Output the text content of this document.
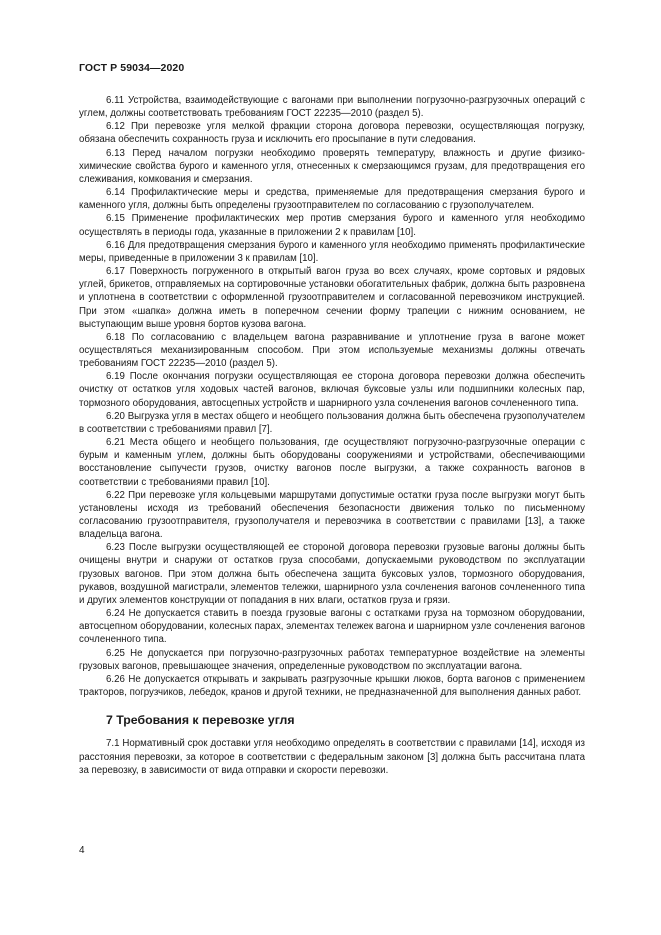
ГОСТ Р 59034—2020

6.11 Устройства, взаимодействующие с вагонами при выполнении погрузочно-разгрузочных операций с углем, должны соответствовать требованиям ГОСТ 22235—2010 (раздел 5).

6.12 При перевозке угля мелкой фракции сторона договора перевозки, осуществляющая погрузку, обязана обеспечить сохранность груза и исключить его просыпание в пути следования.

6.13 Перед началом погрузки необходимо проверять температуру, влажность и другие физико-химические свойства бурого и каменного угля, отнесенных к смерзающимся грузам, для предотвращения его слеживания, комкования и смерзания.

6.14 Профилактические меры и средства, применяемые для предотвращения смерзания бурого и каменного угля, должны быть определены грузоотправителем по согласованию с грузополучателем.

6.15 Применение профилактических мер против смерзания бурого и каменного угля необходимо осуществлять в периоды года, указанные в приложении 2 к правилам [10].

6.16 Для предотвращения смерзания бурого и каменного угля необходимо применять профилактические меры, приведенные в приложении 3 к правилам [10].

6.17 Поверхность погруженного в открытый вагон груза во всех случаях, кроме сортовых и рядовых углей, брикетов, отправляемых на сортировочные установки обогатительных фабрик, должна быть разровнена и уплотнена в соответствии с оформленной грузоотправителем и согласованной перевозчиком инструкцией. При этом «шапка» должна иметь в поперечном сечении форму трапеции с нижним основанием, не выступающим выше уровня бортов кузова вагона.

6.18 По согласованию с владельцем вагона разравнивание и уплотнение груза в вагоне может осуществляться механизированным способом. При этом используемые механизмы должны отвечать требованиям ГОСТ 22235—2010 (раздел 5).

6.19 После окончания погрузки осуществляющая ее сторона договора перевозки должна обеспечить очистку от остатков угля ходовых частей вагонов, включая буксовые узлы или подшипники колесных пар, тормозного оборудования, автосцепных устройств и шарнирного узла сочленения вагонов сочлененного типа.

6.20 Выгрузка угля в местах общего и необщего пользования должна быть обеспечена грузополучателем в соответствии с требованиями правил [7].

6.21 Места общего и необщего пользования, где осуществляют погрузочно-разгрузочные операции с бурым и каменным углем, должны быть оборудованы сооружениями и устройствами, обеспечивающими восстановление сыпучести грузов, очистку вагонов после выгрузки, а также сохранность вагонов в соответствии с требованиями правил [10].

6.22 При перевозке угля кольцевыми маршрутами допустимые остатки груза после выгрузки могут быть установлены исходя из требований обеспечения безопасности движения только по письменному согласованию грузоотправителя, грузополучателя и перевозчика в соответствии с правилами [13], а также владельца вагона.

6.23 После выгрузки осуществляющей ее стороной договора перевозки грузовые вагоны должны быть очищены внутри и снаружи от остатков груза способами, допускаемыми руководством по эксплуатации грузовых вагонов. При этом должна быть обеспечена защита буксовых узлов, тормозного оборудования, рукавов, воздушной магистрали, элементов тележки, шарнирного узла сочленения вагонов сочлененного типа и других элементов конструкции от попадания в них влаги, остатков груза и грязи.

6.24 Не допускается ставить в поезда грузовые вагоны с остатками груза на тормозном оборудовании, автосцепном оборудовании, колесных парах, элементах тележек вагона и шарнирном узле сочленения вагонов сочлененного типа.

6.25 Не допускается при погрузочно-разгрузочных работах температурное воздействие на элементы грузовых вагонов, превышающее значения, определенные руководством по эксплуатации вагона.

6.26 Не допускается открывать и закрывать разгрузочные крышки люков, борта вагонов с применением тракторов, погрузчиков, лебедок, кранов и другой техники, не предназначенной для выполнения данных работ.

7 Требования к перевозке угля

7.1 Нормативный срок доставки угля необходимо определять в соответствии с правилами [14], исходя из расстояния перевозки, за которое в соответствии с федеральным законом [3] должна быть рассчитана плата за перевозку, в зависимости от вида отправки и скорости перевозки.

4
